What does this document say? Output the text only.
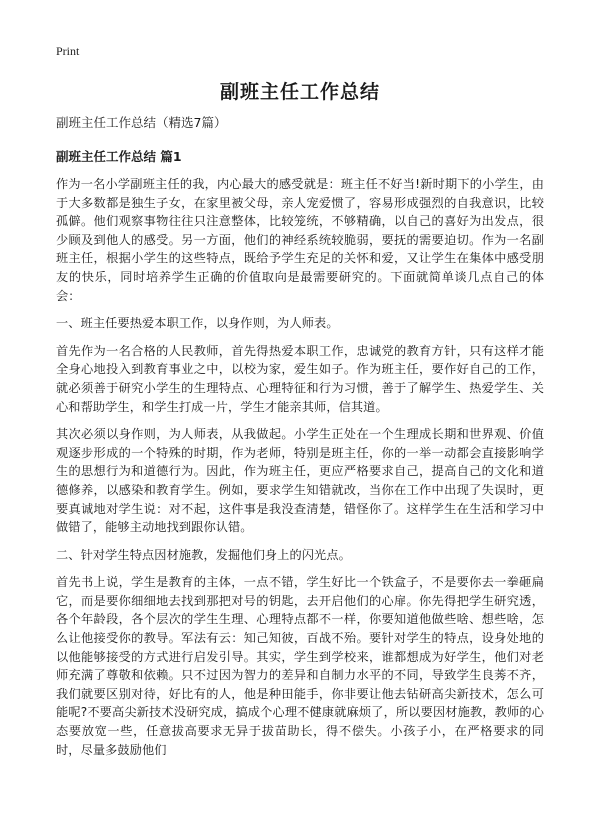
Print
副班主任工作总结
副班主任工作总结（精选7篇）
副班主任工作总结 篇1

作为一名小学副班主任的我，内心最大的感受就是：班主任不好当!新时期下的小学生，由于大多数都是独生子女，在家里被父母，亲人宠爱惯了，容易形成强烈的自我意识，比较孤僻。他们观察事物往往只注意整体，比较笼统，不够精确，以自己的喜好为出发点，很少顾及到他人的感受。另一方面，他们的神经系统较脆弱，要抚的需要迫切。作为一名副班主任，根据小学生的这些特点，既给予学生充足的关怀和爱，又让学生在集体中感受朋友的快乐，同时培养学生正确的价值取向是最需要研究的。下面就简单谈几点自己的体会：

一、班主任要热爱本职工作，以身作则，为人师表。

首先作为一名合格的人民教师，首先得热爱本职工作，忠诚党的教育方针，只有这样才能全身心地投入到教育事业之中，以校为家，爱生如子。作为班主任，要作好自己的工作，就必须善于研究小学生的生理特点、心理特征和行为习惯，善于了解学生、热爱学生、关心和帮助学生，和学生打成一片，学生才能亲其师，信其道。

其次必须以身作则，为人师表，从我做起。小学生正处在一个生理成长期和世界观、价值观逐步形成的一个特殊的时期，作为老师，特别是班主任，你的一举一动都会直接影响学生的思想行为和道德行为。因此，作为班主任，更应严格要求自己，提高自己的文化和道德修养，以感染和教育学生。例如，要求学生知错就改，当你在工作中出现了失误时，更要真诚地对学生说：对不起，这件事是我没查清楚，错怪你了。这样学生在生活和学习中做错了，能够主动地找到跟你认错。

二、针对学生特点因材施教，发掘他们身上的闪光点。

首先书上说，学生是教育的主体，一点不错，学生好比一个铁盒子，不是要你去一拳砸扁它，而是要你细细地去找到那把对号的钥匙，去开启他们的心扉。你先得把学生研究透，各个年龄段，各个层次的学生生理、心理特点都不一样，你要知道他做些啥、想些啥，怎么让他接受你的教导。军法有云：知己知彼，百战不殆。要针对学生的特点，设身处地的以他能够接受的方式进行启发引导。其实，学生到学校来，谁都想成为好学生，他们对老师充满了尊敬和依赖。只不过因为智力的差异和自制力水平的不同，导致学生良莠不齐，我们就要区别对待，好比有的人，他是种田能手，你非要让他去钻研高尖新技术，怎么可能呢?不要高尖新技术没研究成，搞成个心理不健康就麻烦了，所以要因材施教，教师的心态要放宽一些，任意拔高要求无异于拔苗助长，得不偿失。小孩子小，在严格要求的同时，尽量多鼓励他们
